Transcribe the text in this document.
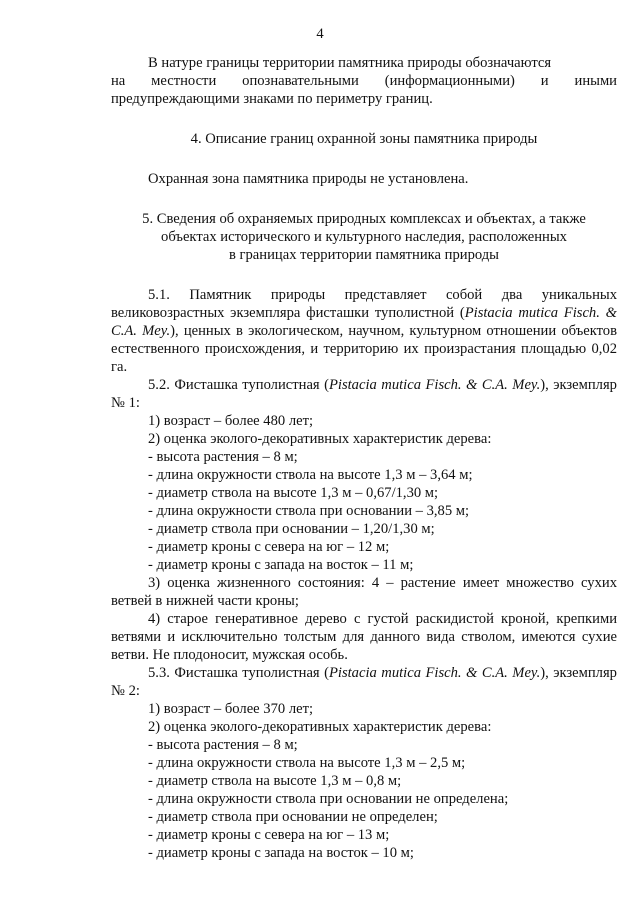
4

В натуре границы территории памятника природы обозначаются

на местности опознавательными (информационными) и иными

предупреждающими знаками по периметру границ.

4. Описание границ охранной зоны памятника природы

Охранная зона памятника природы не установлена.

5. Сведения об охраняемых природных комплексах и объектах, а также

объектах исторического и культурного наследия, расположенных

в границах территории памятника природы

5.1. Памятник природы представляет собой два уникальных великовозрастных экземпляра фисташки туполистной (Pistacia mutica Fisch. & C.A. Mey.), ценных в экологическом, научном, культурном отношении объектов естественного происхождения, и территорию их произрастания площадью 0,02 га.

5.2. Фисташка туполистная (Pistacia mutica Fisch. & C.A. Mey.), экземпляр № 1:

1) возраст – более 480 лет;

2) оценка эколого-декоративных характеристик дерева:

- высота растения – 8 м;

- длина окружности ствола на высоте 1,3 м – 3,64 м;

- диаметр ствола на высоте 1,3 м – 0,67/1,30 м;

- длина окружности ствола при основании – 3,85 м;

- диаметр ствола при основании – 1,20/1,30 м;

- диаметр кроны с севера на юг – 12 м;

- диаметр кроны с запада на восток – 11 м;

3) оценка жизненного состояния: 4 – растение имеет множество сухих ветвей в нижней части кроны;

4) старое генеративное дерево с густой раскидистой кроной, крепкими ветвями и исключительно толстым для данного вида стволом, имеются сухие ветви. Не плодоносит, мужская особь.

5.3. Фисташка туполистная (Pistacia mutica Fisch. & C.A. Mey.), экземпляр № 2:

1) возраст – более 370 лет;

2) оценка эколого-декоративных характеристик дерева:

- высота растения – 8 м;

- длина окружности ствола на высоте 1,3 м – 2,5 м;

- диаметр ствола на высоте 1,3 м – 0,8 м;

- длина окружности ствола при основании не определена;

- диаметр ствола при основании не определен;

- диаметр кроны с севера на юг – 13 м;

- диаметр кроны с запада на восток – 10 м;
